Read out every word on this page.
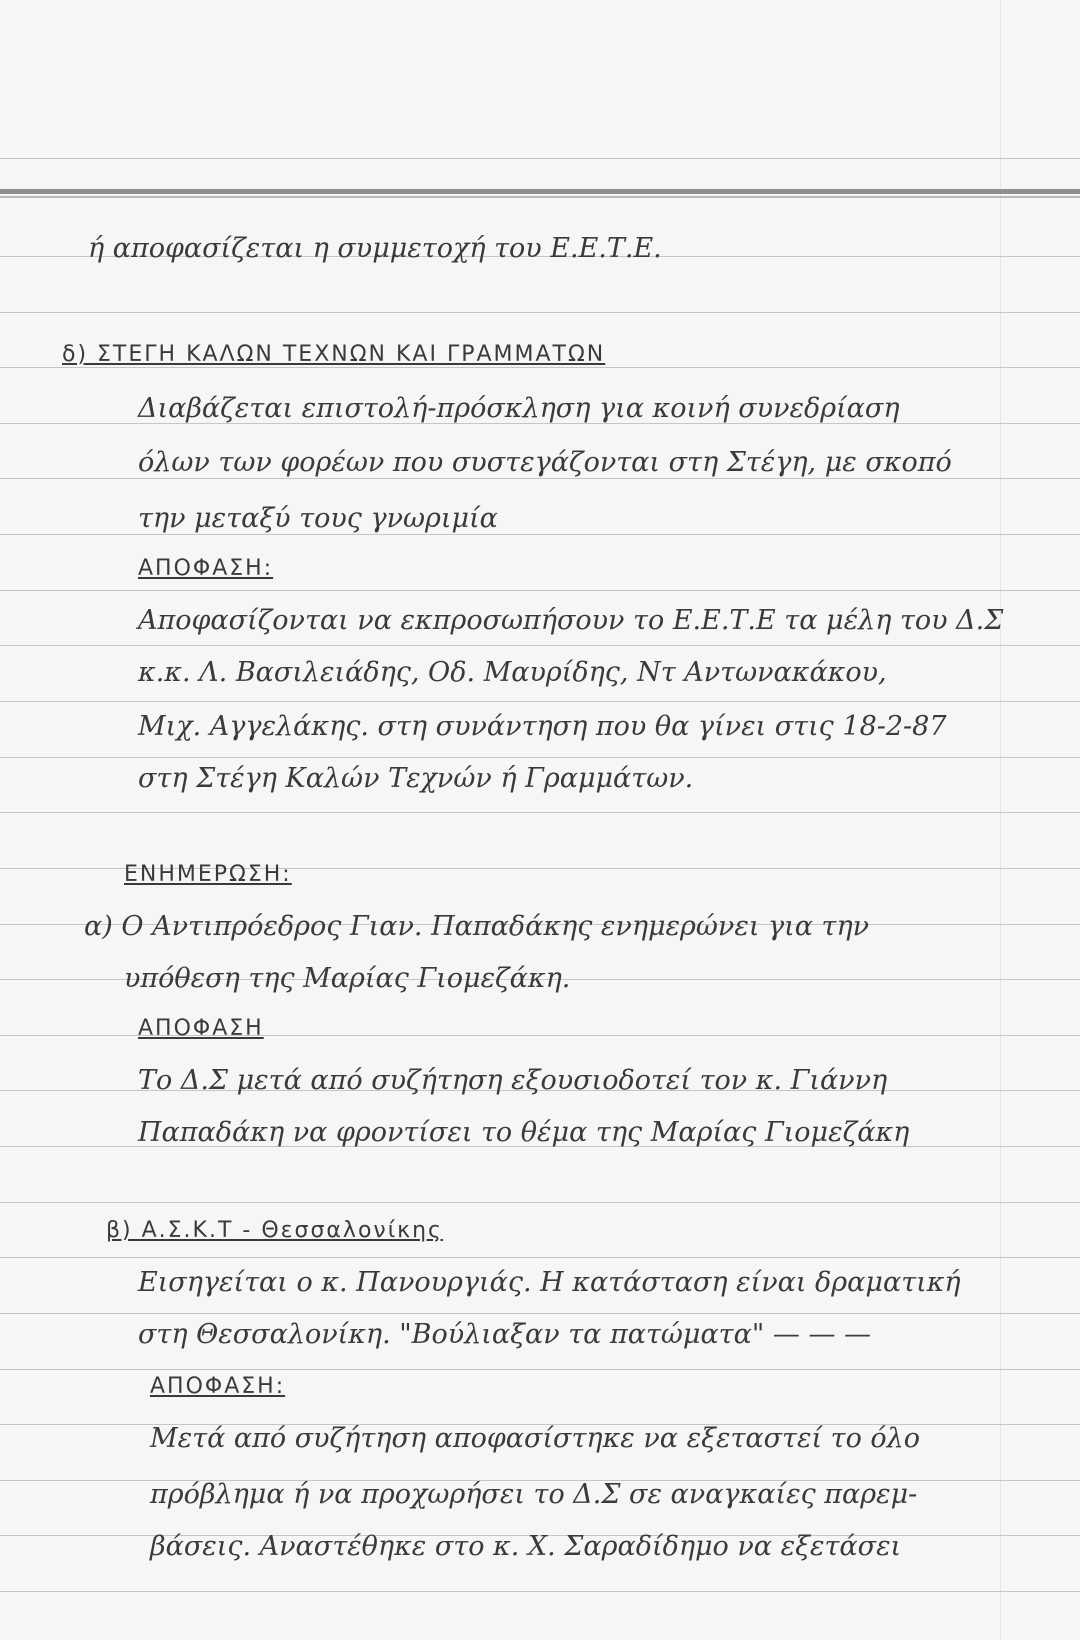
ή αποφασίζεται η συμμετοχή του Ε.Ε.Τ.Ε.
δ) ΣΤΕΓΗ ΚΑΛΩΝ ΤΕΧΝΩΝ ΚΑΙ ΓΡΑΜΜΑΤΩΝ
Διαβάζεται επιστολή-πρόσκληση για κοινή συνεδρίαση
όλων των φορέων που συστεγάζονται στη Στέγη, με σκοπό
την μεταξύ τους γνωριμία
ΑΠΟΦΑΣΗ:
Αποφασίζονται να εκπροσωπήσουν το Ε.Ε.Τ.Ε τα μέλη του Δ.Σ
κ.κ. Λ. Βασιλειάδης, Οδ. Μαυρίδης, Ντ Αντωνακάκου,
Μιχ. Αγγελάκης. στη συνάντηση που θα γίνει στις 18-2-87
στη Στέγη Καλών Τεχνών ή Γραμμάτων.
ΕΝΗΜΕΡΩΣΗ:
α) Ο Αντιπρόεδρος Γιαν. Παπαδάκης ενημερώνει για την
υπόθεση της Μαρίας Γιομεζάκη.
ΑΠΟΦΑΣΗ
Το Δ.Σ μετά από συζήτηση εξουσιοδοτεί τον κ. Γιάννη
Παπαδάκη να φροντίσει το θέμα της Μαρίας Γιομεζάκη
β) Α.Σ.Κ.Τ - Θεσσαλονίκης
Εισηγείται ο κ. Πανουργιάς. Η κατάσταση είναι δραματική
στη Θεσσαλονίκη. "Βούλιαξαν τα πατώματα" — — —
ΑΠΟΦΑΣΗ:
Μετά από συζήτηση αποφασίστηκε να εξεταστεί το όλο
πρόβλημα ή να προχωρήσει το Δ.Σ σε αναγκαίες παρεμ-
βάσεις. Αναστέθηκε στο κ. Χ. Σαραδίδημο να εξετάσει
